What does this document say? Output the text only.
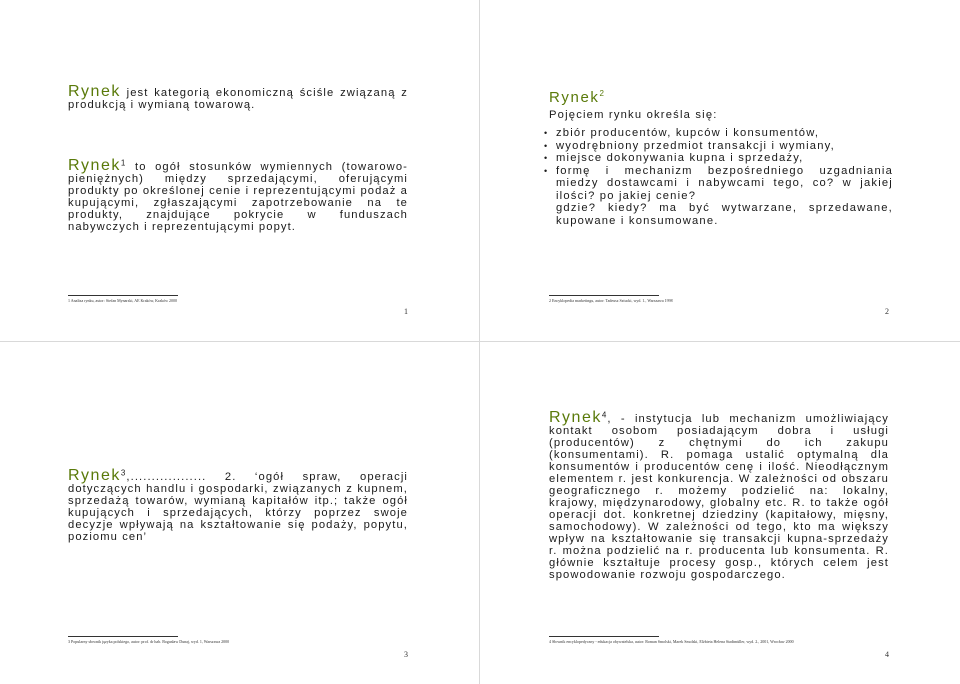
Rynek jest kategorią ekonomiczną ściśle związaną z produkcją i wymianą towarową.
Rynek$^1$ to ogół stosunków wymiennych (towarowo-pieniężnych) między sprzedającymi, oferującymi produkty po określonej cenie i reprezentującymi podaż a kupującymi, zgłaszającymi zapotrzebowanie na te produkty, znajdujące pokrycie w funduszach nabywczych i reprezentującymi popyt.
1 Analiza rynku, autor: Stefan Mynarski, AE Kraków, Kraków 2000
1
Rynek$^2$
Pojęciem rynku określa się:
• zbiór producentów, kupców i konsumentów,
• wyodrębniony przedmiot transakcji i wymiany,
• miejsce dokonywania kupna i sprzedaży,
• formę i mechanizm bezpośredniego uzgadniania miedzy dostawcami i nabywcami tego, co? w jakiej ilości? po jakiej cenie?
gdzie? kiedy? ma być wytwarzane, sprzedawane, kupowane i konsumowane.
2 Encyklopedia marketingu, autor: Tadeusz Sztucki, wyd. 1., Warszawa 1998
2
Rynek$^3$,.................. 2. ‘ogół spraw, operacji dotyczących handlu i gospodarki, związanych z kupnem, sprzedażą towarów, wymianą kapitałów itp.; także ogół kupujących i sprzedających, którzy poprzez swoje decyzje wpływają na kształtowanie się podaży, popytu, poziomu cen’
3 Popularny słownik języka polskiego, autor: prof. dr hab. Bogusław Dunaj, wyd. 1, Warszawa 2000
3
Rynek$^4$, - instytucja lub mechanizm umożliwiający kontakt osobom posiadającym dobra i usługi (producentów) z chętnymi do ich zakupu (konsumentami). R. pomaga ustalić optymalną dla konsumentów i producentów cenę i ilość. Nieodłącznym elementem r. jest konkurencja. W zależności od obszaru geograficznego r. możemy podzielić na: lokalny, krajowy, międzynarodowy, globalny etc. R. to także ogół operacji dot. konkretnej dziedziny (kapitałowy, mięsny, samochodowy). W zależności od tego, kto ma większy wpływ na kształtowanie się transakcji kupna-sprzedaży r. można podzielić na r. producenta lub konsumenta. R. głównie kształtuje procesy gosp., których celem jest spowodowanie rozwoju gospodarczego.
4 Słownik encyklopedyczny - edukacja obywatelska, autor: Roman Smolski, Marek Smolski, Elżbieta Helena Stadtmüller, wyd. 2., 2001, Wrocław 2000
4
